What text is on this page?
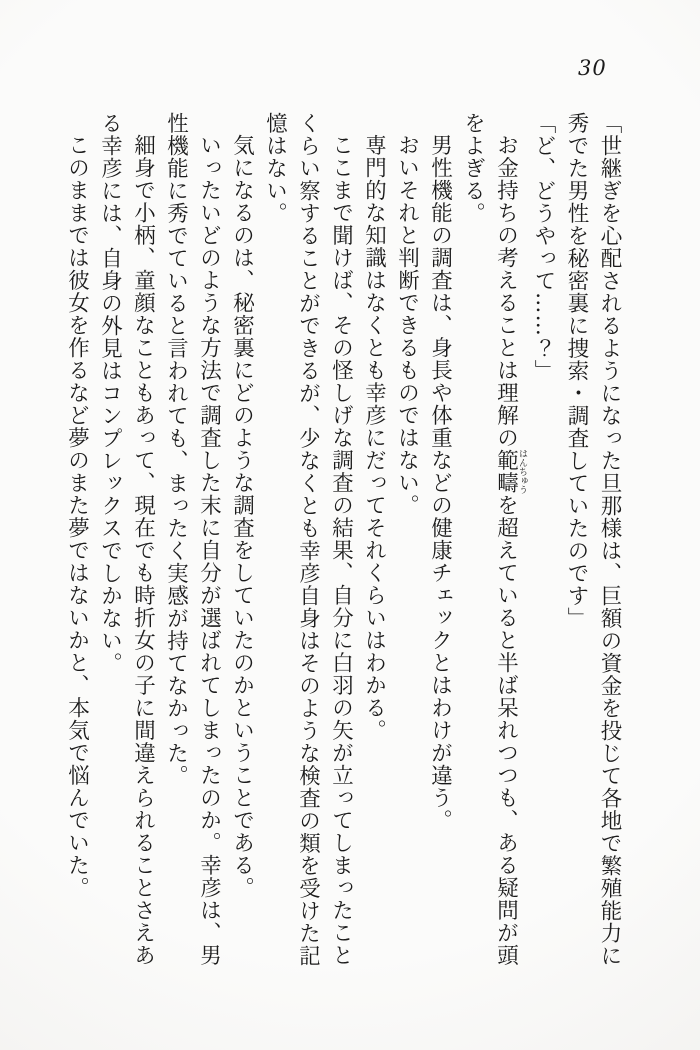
30
「世継ぎを心配されるようになった旦那様は、巨額の資金を投じて各地で繁殖能力に
秀でた男性を秘密裏に捜索・調査していたのです」
「ど、どうやって……？」
お金持ちの考えることは理解の範疇はんちゅうを超えていると半ば呆れつつも、ある疑問が頭
をよぎる。
男性機能の調査は、身長や体重などの健康チェックとはわけが違う。
おいそれと判断できるものではない。
専門的な知識はなくとも幸彦にだってそれくらいはわかる。
ここまで聞けば、その怪しげな調査の結果、自分に白羽の矢が立ってしまったこと
くらい察することができるが、少なくとも幸彦自身はそのような検査の類を受けた記
憶はない。
気になるのは、秘密裏にどのような調査をしていたのかということである。
いったいどのような方法で調査した末に自分が選ばれてしまったのか。幸彦は、男
性機能に秀でていると言われても、まったく実感が持てなかった。
細身で小柄、童顔なこともあって、現在でも時折女の子に間違えられることさえあ
る幸彦には、自身の外見はコンプレックスでしかない。
このままでは彼女を作るなど夢のまた夢ではないかと、本気で悩んでいた。
